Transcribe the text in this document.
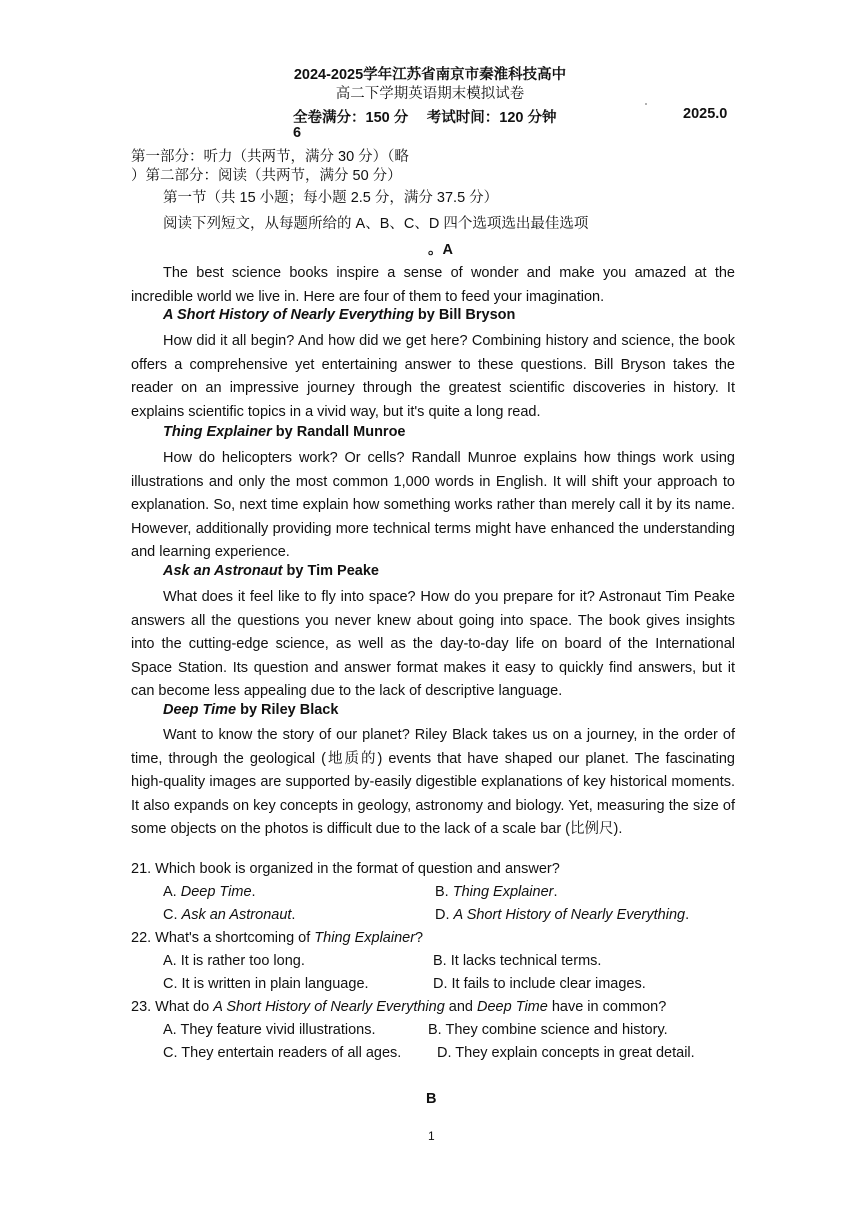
2024-2025学年江苏省南京市秦淮科技高中
高二下学期英语期末模拟试卷
全卷满分：150 分　 考试时间：120 分钟	2025.0
6
第一部分：听力（共两节，满分 30 分）（略
）第二部分：阅读（共两节，满分 50 分）
第一节（共 15 小题；每小题 2.5 分，满分 37.5 分）
阅读下列短文，从每题所给的 A、B、C、D 四个选项选出最佳选项
。A
The best science books inspire a sense of wonder and make you amazed at the incredible world we live in. Here are four of them to feed your imagination.
A Short History of Nearly Everything by Bill Bryson
How did it all begin? And how did we get here? Combining history and science, the book offers a comprehensive yet entertaining answer to these questions. Bill Bryson takes the reader on an impressive journey through the greatest scientific discoveries in history. It explains scientific topics in a vivid way, but it's quite a long read.
Thing Explainer by Randall Munroe
How do helicopters work? Or cells? Randall Munroe explains how things work using illustrations and only the most common 1,000 words in English. It will shift your approach to explanation. So, next time explain how something works rather than merely call it by its name. However, additionally providing more technical terms might have enhanced the understanding and learning experience.
Ask an Astronaut by Tim Peake
What does it feel like to fly into space? How do you prepare for it? Astronaut Tim Peake answers all the questions you never knew about going into space. The book gives insights into the cutting-edge science, as well as the day-to-day life on board of the International Space Station. Its question and answer format makes it easy to quickly find answers, but it can become less appealing due to the lack of descriptive language.
Deep Time by Riley Black
Want to know the story of our planet? Riley Black takes us on a journey, in the order of time, through the geological (地质的) events that have shaped our planet. The fascinating high-quality images are supported by-easily digestible explanations of key historical moments. It also expands on key concepts in geology, astronomy and biology. Yet, measuring the size of some objects on the photos is difficult due to the lack of a scale bar (比例尺).
21. Which book is organized in the format of question and answer?
A. Deep Time.	B. Thing Explainer.
C. Ask an Astronaut.	D. A Short History of Nearly Everything.
22. What's a shortcoming of Thing Explainer?
A. It is rather too long.	B. It lacks technical terms.
C. It is written in plain language.	D. It fails to include clear images.
23. What do A Short History of Nearly Everything and Deep Time have in common?
A. They feature vivid illustrations.	B. They combine science and history.
C. They entertain readers of all ages. D. They explain concepts in great detail.
B
1
